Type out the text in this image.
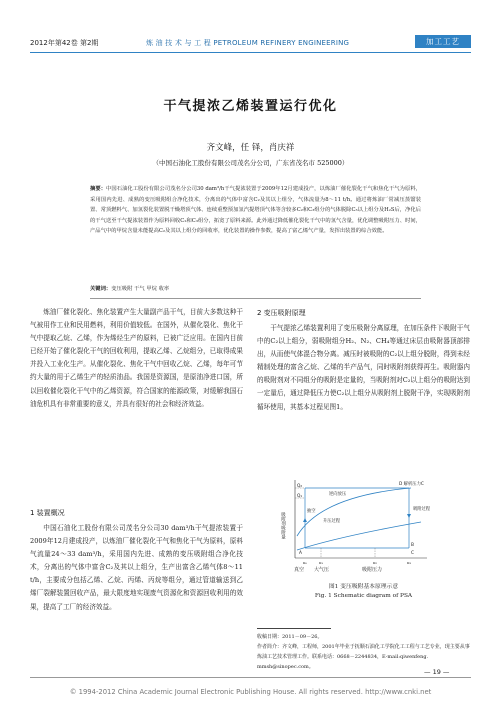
2012年第42卷 第2期	炼 油 技 术 与 工 程 PETROLEUM REFINERY ENGINEERING	加工工艺
干气提浓乙烯装置运行优化
齐文峰，任 铎，肖庆祥
（中国石油化工股份有限公司茂名分公司，广东省茂名市 525000）
摘要：中国石油化工股份有限公司茂名分公司30 dam³/h干气提浓装置于2009年12月建成投产，以炼油厂催化裂化干气和焦化干气为原料，采用国内先进、成熟的变压吸附组合净化技术，分离出的气体中富含C₂及其以上组分，气体流量为8～11 t/h。通过将炼油厂常减压蒸馏装置、常顶燃料气、加氢裂化装置脱干燥塔顶气体、连续重整预加氢汽提塔顶气体等含较多C₂和C₃组分的气体脱除C₃以上组分及H₂S后，净化后的干气送至干气提浓装置作为原料回收C₂和C₃组分，拓宽了原料来源。此外通过降低催化裂化干气中的氢气含量，优化调整吸附压力、时间，产品气中的甲烷含量未能提高C₂及其以上组分的回收率，优化装置的操作参数，提高了富乙烯气产量，发挥出装置的综合效能。
关键词：变压吸附 干气 甲烷 收率

炼油厂催化裂化、焦化装置产生大量副产品干气，目前大多数这种干气被用作工业和民用燃料，利用价值较低。在国外，从催化裂化、焦化干气中提取乙烷、乙烯，作为烯烃生产的原料，已被广泛应用。在国内目前已经开始了催化裂化干气的回收利用，提取乙烯、乙烷组分，已取得成果并投入工业化生产。从催化裂化、焦化干气中回收乙烷、乙烯，每年可节约大量的用于乙烯生产的轻质油品。我国是资源国，是原油净进口国，所以回收催化裂化干气中的乙烯资源，符合国家的能源政策，对缓解我国石油危机具有非常重要的意义，并具有很好的社会和经济效益。

1 装置概况

中国石油化工股份有限公司茂名分公司30 dam³/h干气提浓装置于2009年12月建成投产，以炼油厂催化裂化干气和焦化干气为原料，原料气流量24～33 dam³/h，采用国内先进、成熟的变压吸附组合净化技术，分离出的气体中富含C₂及其以上组分，生产出富含乙烯气体8～11 t/h，主要成分包括乙烯、乙烷、丙烯、丙烷等组分，通过管道输送到乙烯厂裂解装置回收产品，最大限度地实现废气资源化和资源回收利用的效果，提高了工厂的经济效益。

2 变压吸附原理

干气提浓乙烯装置利用了变压吸附分离原理，在加压条件下吸附干气中的C₂以上组分，弱吸附组分H₂、N₂、CH₄等通过床层由吸附器顶部排出，从而使气体混合物分离。减压时被吸附的C₂以上组分脱附，得到未经精制处理的富含乙烷、乙烯的半产品气，同时吸附剂获得再生。吸附器内的吸附剂对不同组分的吸附是定量的，当吸附剂对C₂以上组分的吸附达到一定量后，通过降低压力使C₂以上组分从吸附剂上脱附干净，实现吸附剂循环使用，其基本过程见图1。

吸附剂吸附量
D 解析压力C
Q₂
Q₁	逆向放压
升压过程
吸附过程
抽空
B
A	C
p₀	p₁	p₂	p₃
真空 大气压	吸附压力
图1 变压吸附基本原理示意
Fig. 1 Schematic diagram of PSA
收稿日期：2011－09－26。
作者简介：齐文峰，工程师，2001年毕业于抚顺石油化工学院化工工程与工艺专业，现主要从事炼油工艺技术管理工作。联系电话：0668－2244834，E-mail:qiwenfeng. mmsh@sinopec.com。
— 19 —
© 1994-2012 China Academic Journal Electronic Publishing House. All rights reserved. http://www.cnki.net
